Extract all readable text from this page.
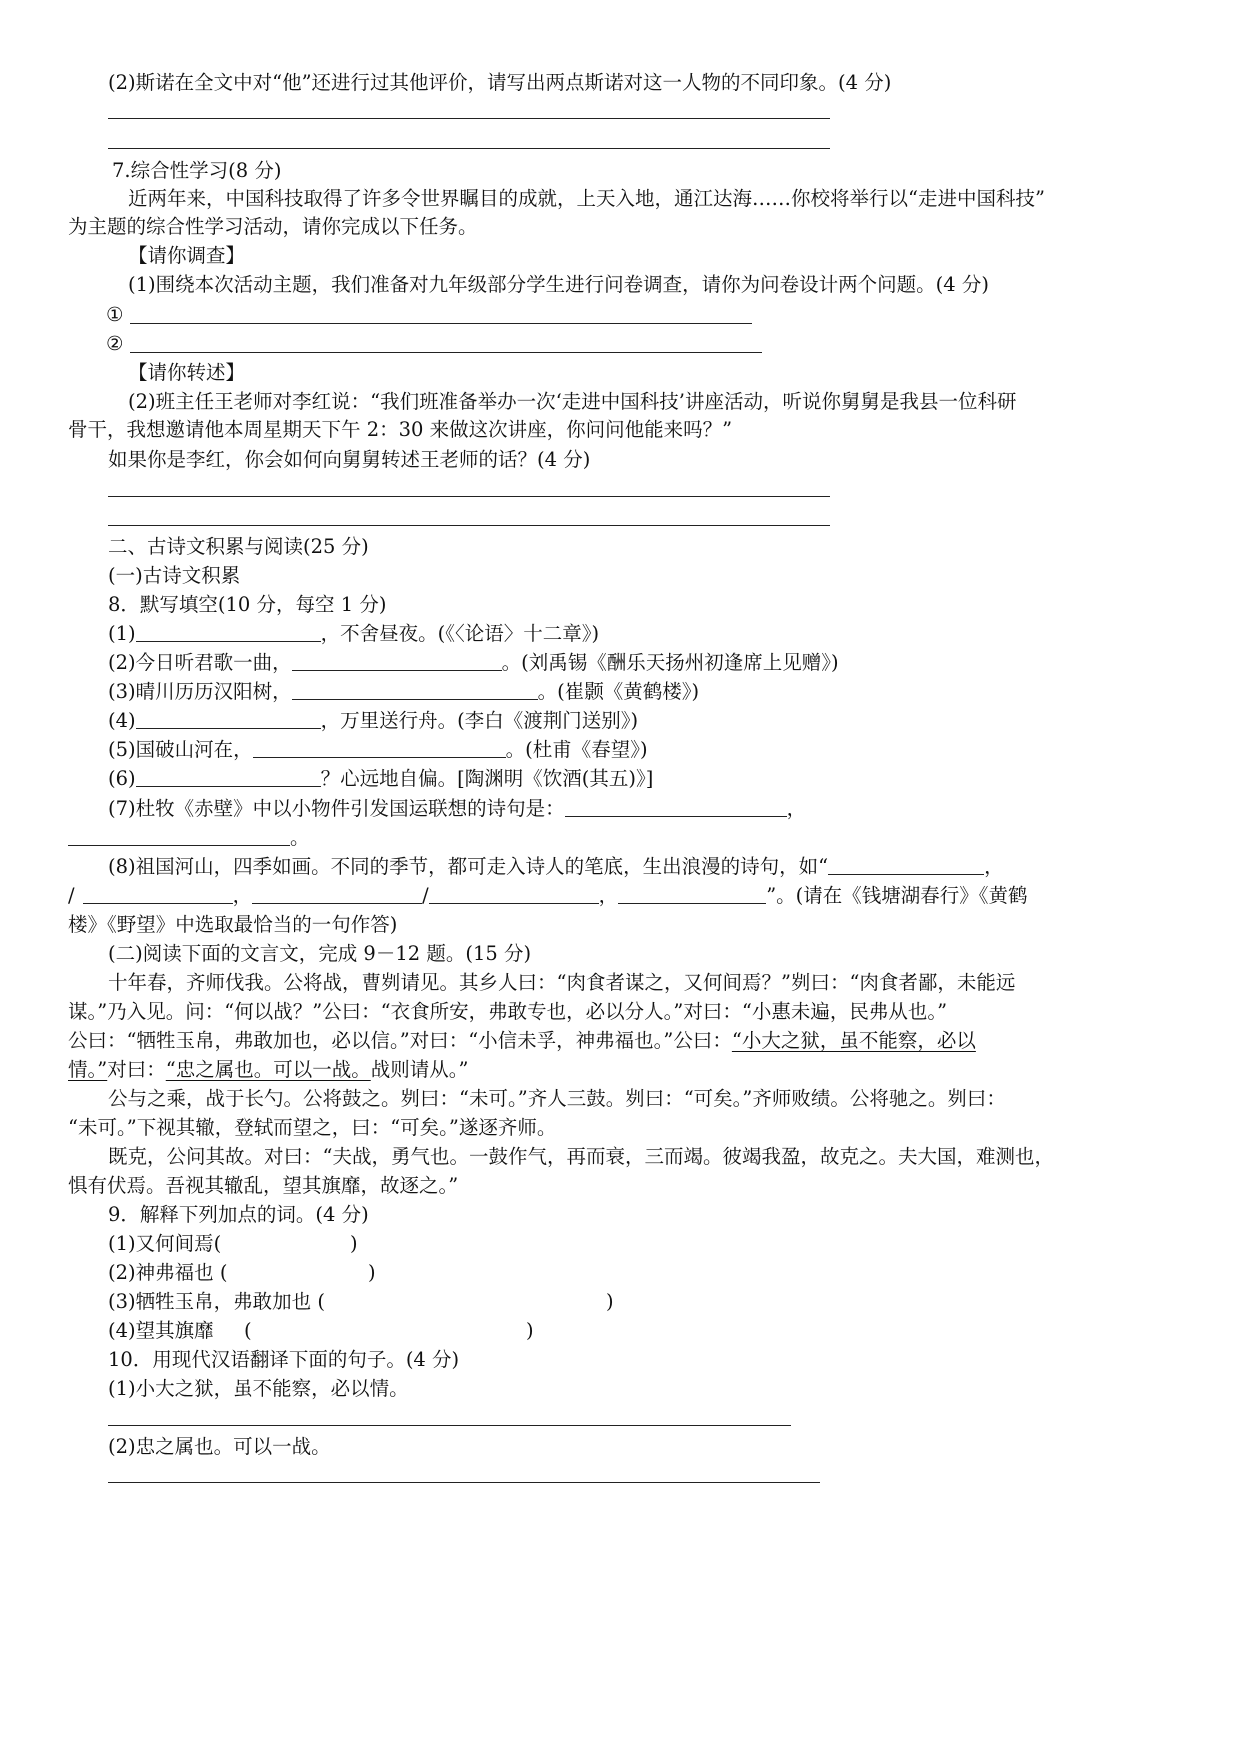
(2)斯诺在全文中对“他”还进行过其他评价，请写出两点斯诺对这一人物的不同印象。(4 分)
7.综合性学习(8 分)
近两年来，中国科技取得了许多令世界瞩目的成就，上天入地，通江达海……你校将举行以“走进中国科技”
为主题的综合性学习活动，请你完成以下任务。
【请你调查】
(1)围绕本次活动主题，我们准备对九年级部分学生进行问卷调查，请你为问卷设计两个问题。(4 分)
①
②
【请你转述】
(2)班主任王老师对李红说：“我们班准备举办一次‘走进中国科技’讲座活动，听说你舅舅是我县一位科研
骨干，我想邀请他本周星期天下午 2：30 来做这次讲座，你问问他能来吗？”
如果你是李红，你会如何向舅舅转述王老师的话？(4 分)
二、古诗文积累与阅读(25 分)
(一)古诗文积累
8．默写填空(10 分，每空 1 分)
(1)	，不舍昼夜。(《〈论语〉十二章》)
(2)今日听君歌一曲，	。(刘禹锡《酬乐天扬州初逢席上见赠》)
(3)晴川历历汉阳树，	。(崔颢《黄鹤楼》)
(4)	，万里送行舟。(李白《渡荆门送别》)
(5)国破山河在，	。(杜甫《春望》)
(6)	？心远地自偏。[陶渊明《饮酒(其五)》]
(7)杜牧《赤壁》中以小物件引发国运联想的诗句是：	，
。
(8)祖国河山，四季如画。不同的季节，都可走入诗人的笔底，生出浪漫的诗句，如“	，
/	，	/	，	”。(请在《钱塘湖春行》《黄鹤
楼》《野望》中选取最恰当的一句作答)
(二)阅读下面的文言文，完成 9－12 题。(15 分)
十年春，齐师伐我。公将战，曹刿请见。其乡人曰：“肉食者谋之，又何间焉？”刿曰：“肉食者鄙，未能远
谋。”乃入见。问：“何以战？”公曰：“衣食所安，弗敢专也，必以分人。”对曰：“小惠未遍，民弗从也。”
公曰：“牺牲玉帛，弗敢加也，必以信。”对曰：“小信未孚，神弗福也。”公曰：“小大之狱，虽不能察，必以
情。”对曰：“忠之属也。可以一战。战则请从。”
公与之乘，战于长勺。公将鼓之。刿曰：“未可。”齐人三鼓。刿曰：“可矣。”齐师败绩。公将驰之。刿曰：
“未可。”下视其辙，登轼而望之，曰：“可矣。”遂逐齐师。
既克，公问其故。对曰：“夫战，勇气也。一鼓作气，再而衰，三而竭。彼竭我盈，故克之。夫大国，难测也，
惧有伏焉。吾视其辙乱，望其旗靡，故逐之。”
9．解释下列加点的词。(4 分)
(1)又何间焉(	)
(2)神弗福也 (	)
(3)牺牲玉帛，弗敢加也 (	)
(4)望其旗靡 (	)
10．用现代汉语翻译下面的句子。(4 分)
(1)小大之狱，虽不能察，必以情。
(2)忠之属也。可以一战。
